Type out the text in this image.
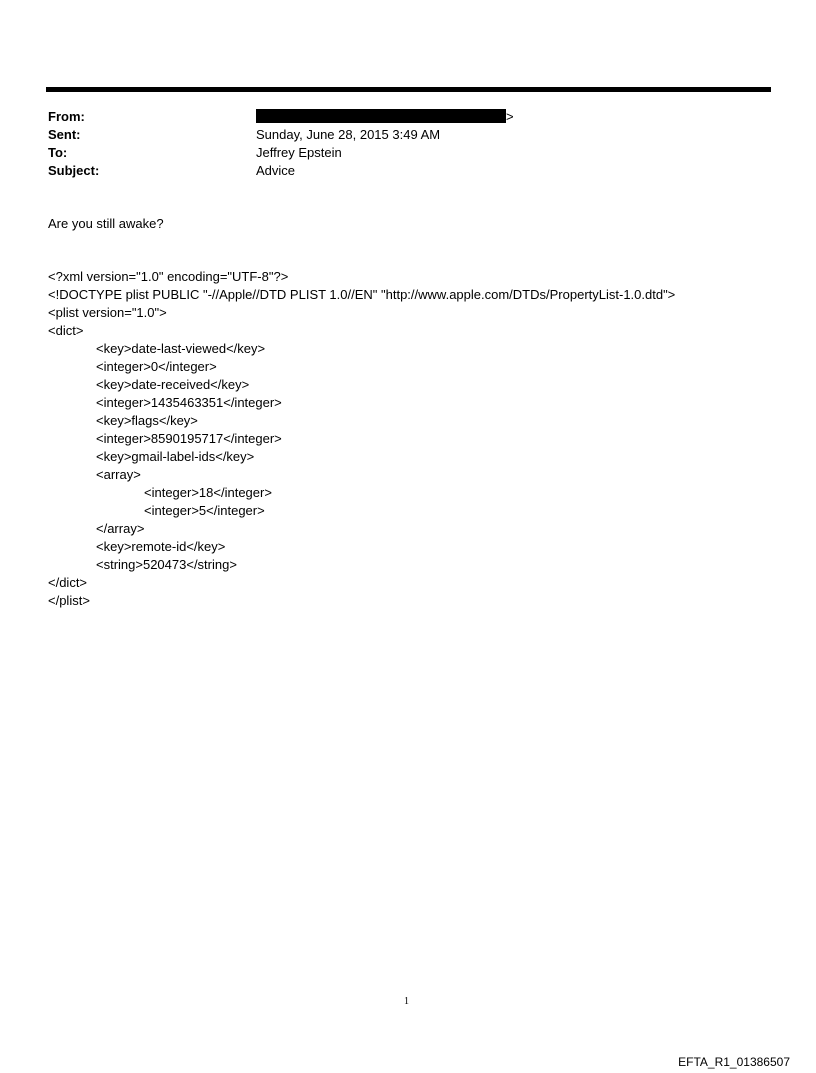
From:	>
Sent:	Sunday, June 28, 2015 3:49 AM
To:	Jeffrey Epstein
Subject:	Advice
Are you still awake?
<?xml version="1.0" encoding="UTF-8"?>
<!DOCTYPE plist PUBLIC "-//Apple//DTD PLIST 1.0//EN" "http://www.apple.com/DTDs/PropertyList-1.0.dtd">
<plist version="1.0">
<dict>
<key>date-last-viewed</key>
<integer>0</integer>
<key>date-received</key>
<integer>1435463351</integer>
<key>flags</key>
<integer>8590195717</integer>
<key>gmail-label-ids</key>
<array>
<integer>18</integer>
<integer>5</integer>
</array>
<key>remote-id</key>
<string>520473</string>
</dict>
</plist>
1
EFTA_R1_01386507
